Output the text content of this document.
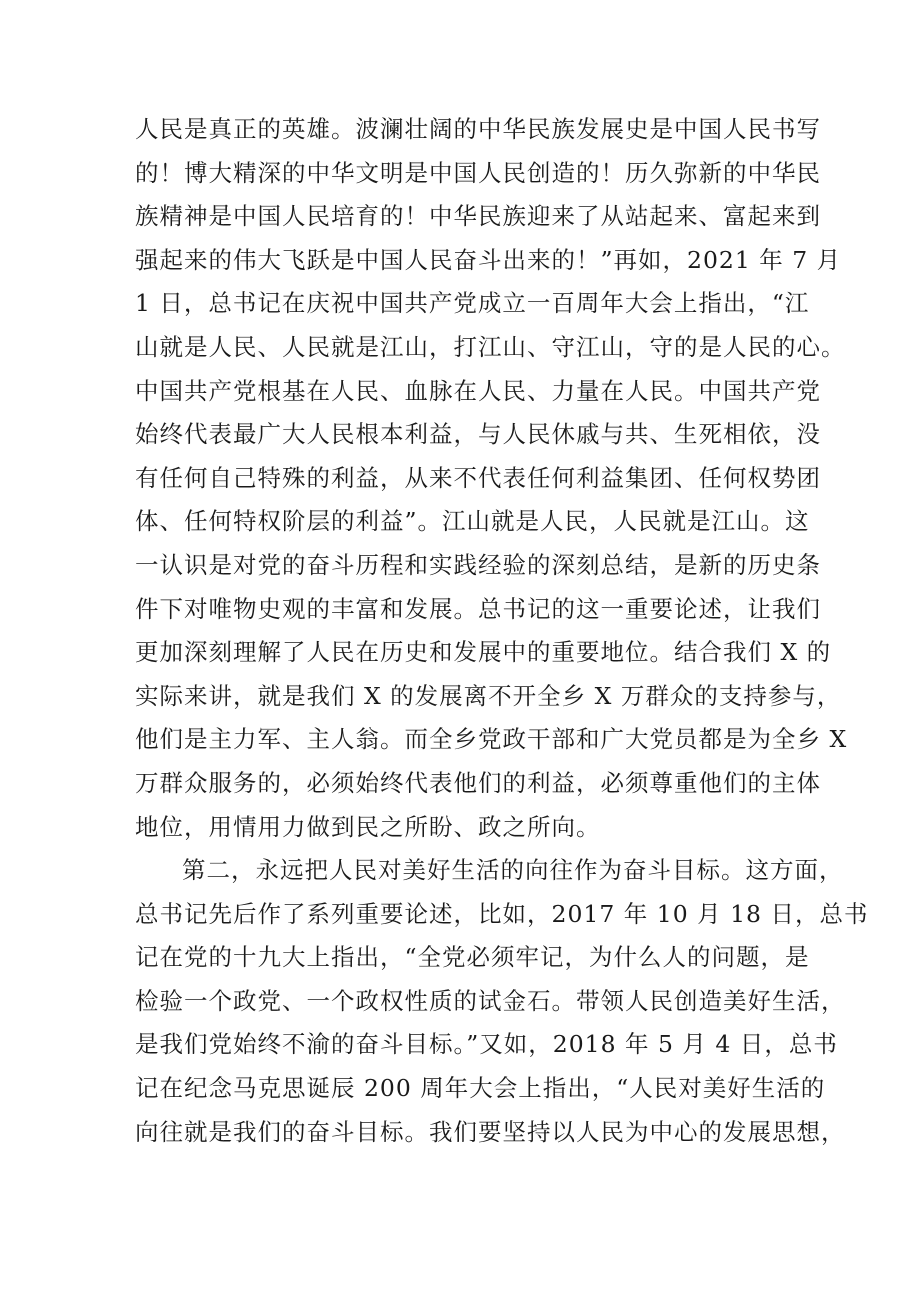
人民是真正的英雄。波澜壮阔的中华民族发展史是中国人民书写
的！博大精深的中华文明是中国人民创造的！历久弥新的中华民
族精神是中国人民培育的！中华民族迎来了从站起来、富起来到
强起来的伟大飞跃是中国人民奋斗出来的！”再如，2021 年 7 月
1 日，总书记在庆祝中国共产党成立一百周年大会上指出，“江
山就是人民、人民就是江山，打江山、守江山，守的是人民的心。
中国共产党根基在人民、血脉在人民、力量在人民。中国共产党
始终代表最广大人民根本利益，与人民休戚与共、生死相依，没
有任何自己特殊的利益，从来不代表任何利益集团、任何权势团
体、任何特权阶层的利益”。江山就是人民，人民就是江山。这
一认识是对党的奋斗历程和实践经验的深刻总结，是新的历史条
件下对唯物史观的丰富和发展。总书记的这一重要论述，让我们
更加深刻理解了人民在历史和发展中的重要地位。结合我们 X 的
实际来讲，就是我们 X 的发展离不开全乡 X 万群众的支持参与，
他们是主力军、主人翁。而全乡党政干部和广大党员都是为全乡 X
万群众服务的，必须始终代表他们的利益，必须尊重他们的主体
地位，用情用力做到民之所盼、政之所向。
第二，永远把人民对美好生活的向往作为奋斗目标。这方面，
总书记先后作了系列重要论述，比如，2017 年 10 月 18 日，总书
记在党的十九大上指出，“全党必须牢记，为什么人的问题，是
检验一个政党、一个政权性质的试金石。带领人民创造美好生活，
是我们党始终不渝的奋斗目标。”又如，2018 年 5 月 4 日，总书
记在纪念马克思诞辰 200 周年大会上指出，“人民对美好生活的
向往就是我们的奋斗目标。我们要坚持以人民为中心的发展思想，
